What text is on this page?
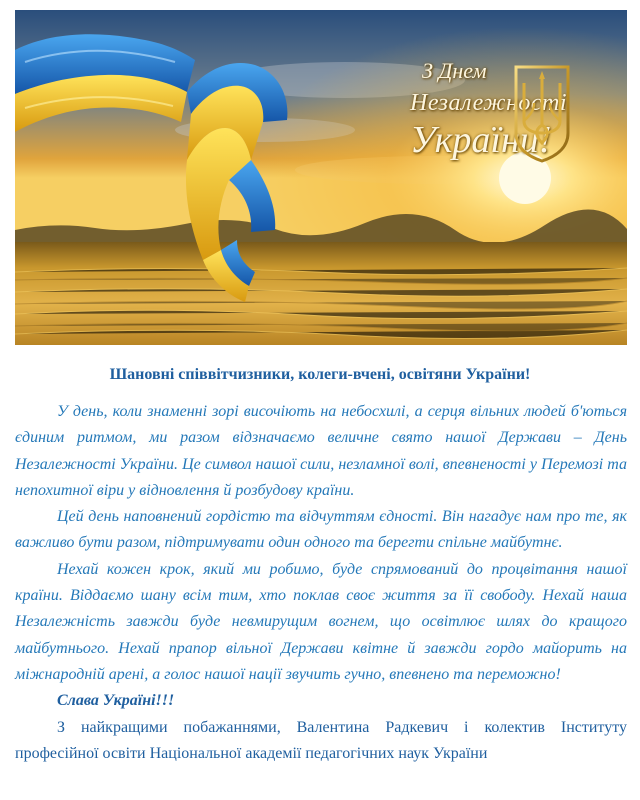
З Днем
Незалежності
України!
Шановні співвітчизники, колеги-вчені, освітяни України!

У день, коли знаменні зорі височіють на небосхилі, а серця вільних людей б'ються єдиним ритмом, ми разом відзначаємо величне свято нашої Держави – День Незалежності України. Це символ нашої сили, незламної волі, впевненості у Перемозі та непохитної віри у відновлення й розбудову країни.

Цей день наповнений гордістю та відчуттям єдності. Він нагадує нам про те, як важливо бути разом, підтримувати один одного та берегти спільне майбутнє.

Нехай кожен крок, який ми робимо, буде спрямований до процвітання нашої країни. Віддаємо шану всім тим, хто поклав своє життя за її свободу. Нехай наша Незалежність завжди буде невмирущим вогнем, що освітлює шлях до кращого майбутнього. Нехай прапор вільної Держави квітне й завжди гордо майорить на міжнародній арені, а голос нашої нації звучить гучно, впевнено та переможно!

Слава Україні!!!

З найкращими побажаннями, Валентина Радкевич і колектив Інституту професійної освіти Національної академії педагогічних наук України
